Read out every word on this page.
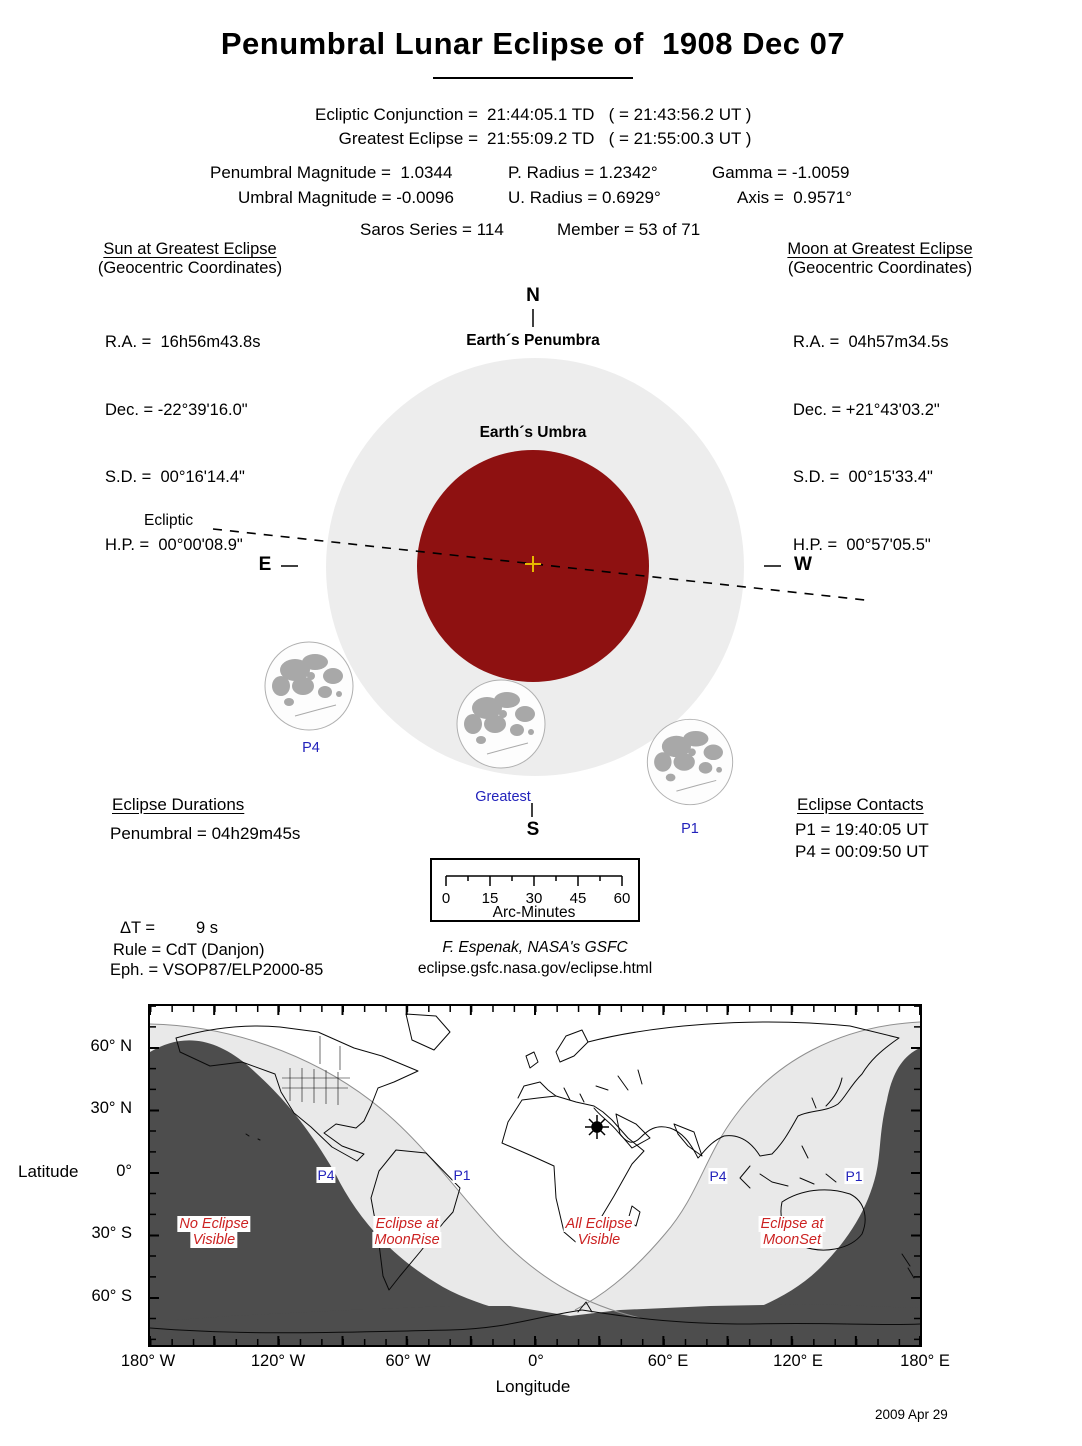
Penumbral Lunar Eclipse of  1908 Dec 07
Ecliptic Conjunction = 21:44:05.1 TD   ( = 21:43:56.2 UT )
Greatest Eclipse = 21:55:09.2 TD   ( = 21:55:00.3 UT )
Penumbral Magnitude =  1.0344	P. Radius = 1.2342°	Gamma = -1.0059
Umbral Magnitude = -0.0096	U. Radius = 0.6929°	Axis =  0.9571°
Saros Series = 114	Member = 53 of 71
Sun at Greatest Eclipse
(Geocentric Coordinates)

R.A. =  16h56m43.8s

Dec. = -22°39'16.0"

S.D. =  00°16'14.4"

H.P. =  00°00'08.9"

Moon at Greatest Eclipse
(Geocentric Coordinates)

R.A. =  04h57m34.5s

Dec. = +21°43'03.2"

S.D. =  00°15'33.4"

H.P. =  00°57'05.5"

N
Earth´s Penumbra
Earth´s Umbra
Ecliptic
E	W
S
P4
Greatest
P1
Eclipse Durations
Penumbral = 04h29m45s
Eclipse Contacts
P1 = 19:40:05 UT
P4 = 00:09:50 UT
0 15 30 45 60
Arc-Minutes
ΔT = 9 s
Rule = CdT (Danjon)
Eph. = VSOP87/ELP2000-85
F. Espenak, NASA's GSFC
eclipse.gsfc.nasa.gov/eclipse.html
No Eclipse
Visible
Eclipse at
MoonRise
All Eclipse
Visible
Eclipse at
MoonSet
P4	P1	P4	P1
60° N
30° N
0°
30° S
60° S
Latitude
180° W	120° W	60° W	0°	60° E	120° E	180° E
Longitude
2009 Apr 29
